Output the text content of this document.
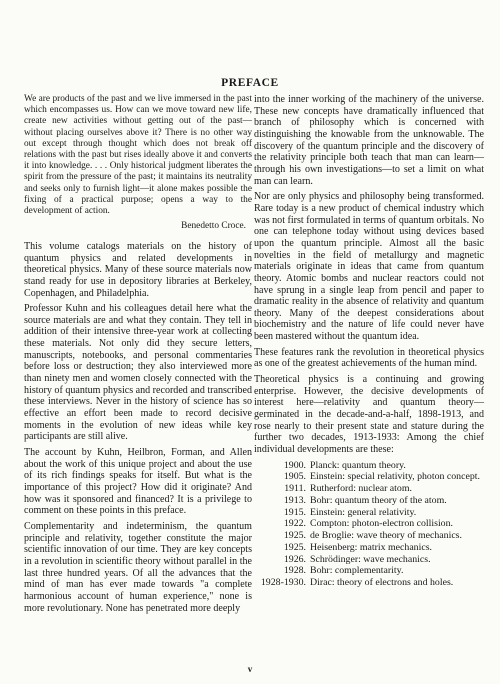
PREFACE

We are products of the past and we live immersed in the past which encompasses us. How can we move toward new life, create new activities without getting out of the past—without placing ourselves above it? There is no other way out except through thought which does not break off relations with the past but rises ideally above it and converts it into knowledge. . . . Only historical judgment liberates the spirit from the pressure of the past; it maintains its neutrality and seeks only to furnish light—it alone makes possible the fixing of a practical purpose; opens a way to the development of action.

Benedetto Croce.

This volume catalogs materials on the history of quantum physics and related developments in theoretical physics. Many of these source materials now stand ready for use in depository libraries at Berkeley, Copenhagen, and Philadelphia.

Professor Kuhn and his colleagues detail here what the source materials are and what they contain. They tell in addition of their intensive three-year work at collecting these materials. Not only did they secure letters, manuscripts, notebooks, and personal commentaries before loss or destruction; they also interviewed more than ninety men and women closely connected with the history of quantum physics and recorded and transcribed these interviews. Never in the history of science has so effective an effort been made to record decisive moments in the evolution of new ideas while key participants are still alive.

The account by Kuhn, Heilbron, Forman, and Allen about the work of this unique project and about the use of its rich findings speaks for itself. But what is the importance of this project? How did it originate? And how was it sponsored and financed? It is a privilege to comment on these points in this preface.

Complementarity and indeterminism, the quantum principle and relativity, together constitute the major scientific innovation of our time. They are key concepts in a revolution in scientific theory without parallel in the last three hundred years. Of all the advances that the mind of man has ever made towards "a complete harmonious account of human experience," none is more revolutionary. None has penetrated more deeply

into the inner working of the machinery of the universe. These new concepts have dramatically influenced that branch of philosophy which is concerned with distinguishing the knowable from the unknowable. The discovery of the quantum principle and the discovery of the relativity principle both teach that man can learn—through his own investigations—to set a limit on what man can learn.

Nor are only physics and philosophy being transformed. Rare today is a new product of chemical industry which was not first formulated in terms of quantum orbitals. No one can telephone today without using devices based upon the quantum principle. Almost all the basic novelties in the field of metallurgy and magnetic materials originate in ideas that came from quantum theory. Atomic bombs and nuclear reactors could not have sprung in a single leap from pencil and paper to dramatic reality in the absence of relativity and quantum theory. Many of the deepest considerations about biochemistry and the nature of life could never have been mastered without the quantum idea.

These features rank the revolution in theoretical physics as one of the greatest achievements of the human mind.

Theoretical physics is a continuing and growing enterprise. However, the decisive developments of interest here—relativity and quantum theory—germinated in the decade-and-a-half, 1898-1913, and rose nearly to their present state and stature during the further two decades, 1913-1933: Among the chief individual developments are these:

1900. Planck: quantum theory.
1905. Einstein: special relativity, photon concept.
1911. Rutherford: nuclear atom.
1913. Bohr: quantum theory of the atom.
1915. Einstein: general relativity.
1922. Compton: photon-electron collision.
1925. de Broglie: wave theory of mechanics.
1925. Heisenberg: matrix mechanics.
1926. Schrödinger: wave mechanics.
1928. Bohr: complementarity.
1928-1930. Dirac: theory of electrons and holes.
v
